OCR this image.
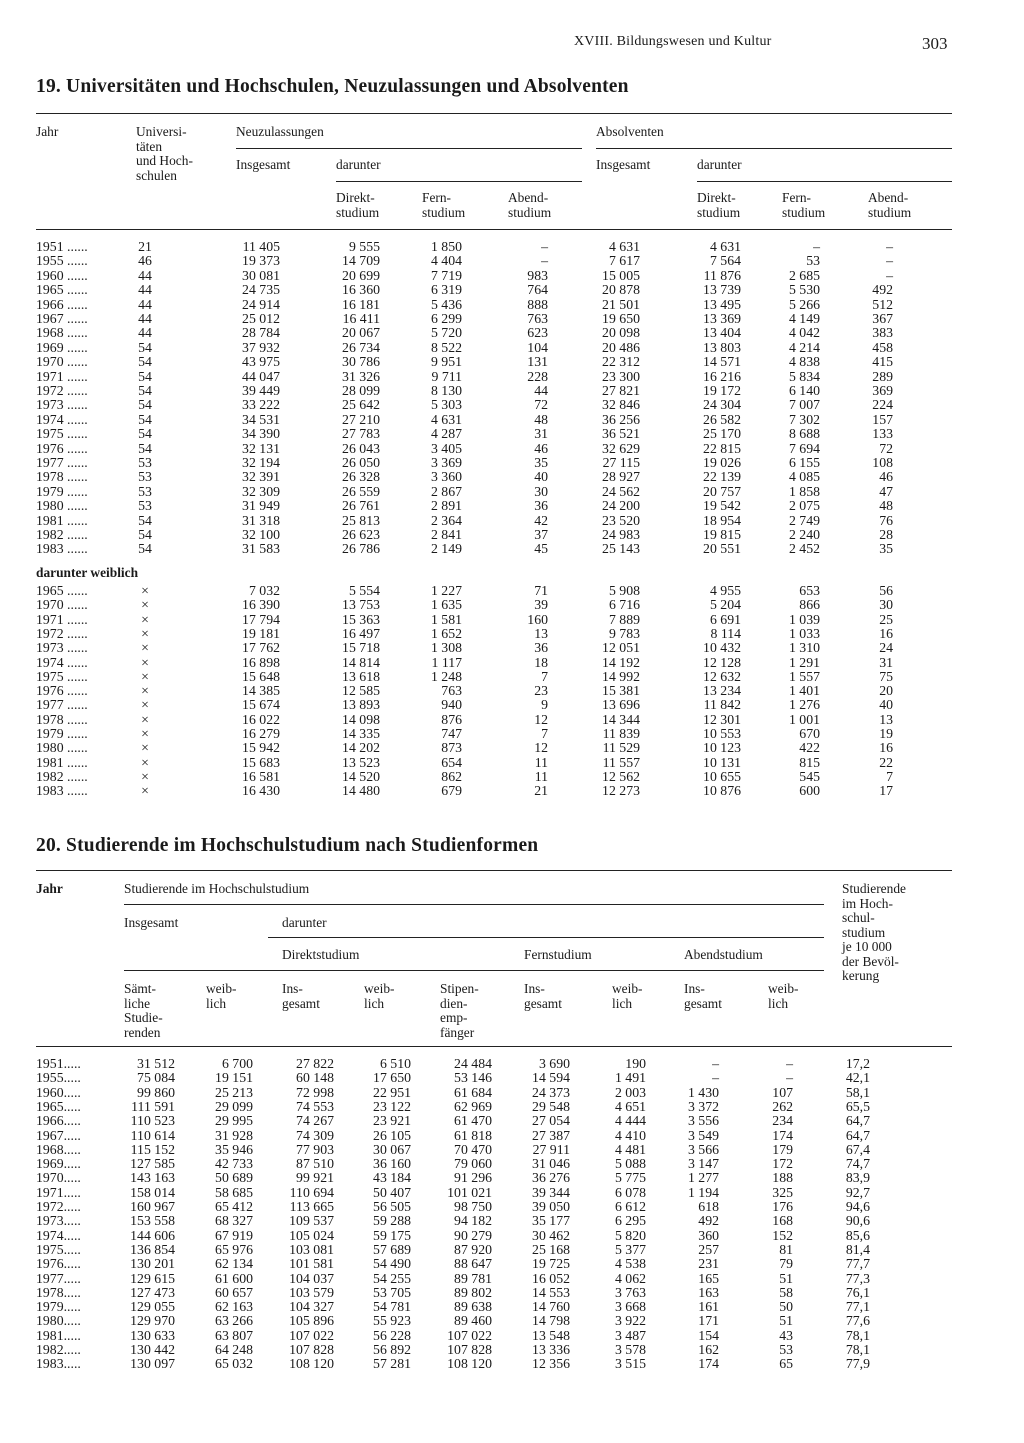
XVIII. Bildungswesen und Kultur	303
19. Universitäten und Hochschulen, Neuzulassungen und Absolventen
Jahr	Universi-
täten
und Hoch-
schulen
Neuzulassungen	Absolventen
Insgesamt	darunter	Insgesamt	darunter
Direkt-
studium
Fern-
studium
Abend-
studium
Direkt-
studium
Fern-
studium
Abend-
studium
1951 ......	21	11 405	9 555	1 850	–	4 631	4 631	–	–
1955 ......	46	19 373	14 709	4 404	–	7 617	7 564	53	–
1960 ......	44	30 081	20 699	7 719	983	15 005	11 876	2 685	–
1965 ......	44	24 735	16 360	6 319	764	20 878	13 739	5 530	492
1966 ......	44	24 914	16 181	5 436	888	21 501	13 495	5 266	512
1967 ......	44	25 012	16 411	6 299	763	19 650	13 369	4 149	367
1968 ......	44	28 784	20 067	5 720	623	20 098	13 404	4 042	383
1969 ......	54	37 932	26 734	8 522	104	20 486	13 803	4 214	458
1970 ......	54	43 975	30 786	9 951	131	22 312	14 571	4 838	415
1971 ......	54	44 047	31 326	9 711	228	23 300	16 216	5 834	289
1972 ......	54	39 449	28 099	8 130	44	27 821	19 172	6 140	369
1973 ......	54	33 222	25 642	5 303	72	32 846	24 304	7 007	224
1974 ......	54	34 531	27 210	4 631	48	36 256	26 582	7 302	157
1975 ......	54	34 390	27 783	4 287	31	36 521	25 170	8 688	133
1976 ......	54	32 131	26 043	3 405	46	32 629	22 815	7 694	72
1977 ......	53	32 194	26 050	3 369	35	27 115	19 026	6 155	108
1978 ......	53	32 391	26 328	3 360	40	28 927	22 139	4 085	46
1979 ......	53	32 309	26 559	2 867	30	24 562	20 757	1 858	47
1980 ......	53	31 949	26 761	2 891	36	24 200	19 542	2 075	48
1981 ......	54	31 318	25 813	2 364	42	23 520	18 954	2 749	76
1982 ......	54	32 100	26 623	2 841	37	24 983	19 815	2 240	28
1983 ......	54	31 583	26 786	2 149	45	25 143	20 551	2 452	35
darunter weiblich
1965 ......	×	7 032	5 554	1 227	71	5 908	4 955	653	56
1970 ......	×	16 390	13 753	1 635	39	6 716	5 204	866	30
1971 ......	×	17 794	15 363	1 581	160	7 889	6 691	1 039	25
1972 ......	×	19 181	16 497	1 652	13	9 783	8 114	1 033	16
1973 ......	×	17 762	15 718	1 308	36	12 051	10 432	1 310	24
1974 ......	×	16 898	14 814	1 117	18	14 192	12 128	1 291	31
1975 ......	×	15 648	13 618	1 248	7	14 992	12 632	1 557	75
1976 ......	×	14 385	12 585	763	23	15 381	13 234	1 401	20
1977 ......	×	15 674	13 893	940	9	13 696	11 842	1 276	40
1978 ......	×	16 022	14 098	876	12	14 344	12 301	1 001	13
1979 ......	×	16 279	14 335	747	7	11 839	10 553	670	19
1980 ......	×	15 942	14 202	873	12	11 529	10 123	422	16
1981 ......	×	15 683	13 523	654	11	11 557	10 131	815	22
1982 ......	×	16 581	14 520	862	11	12 562	10 655	545	7
1983 ......	×	16 430	14 480	679	21	12 273	10 876	600	17
20. Studierende im Hochschulstudium nach Studienformen
Jahr	Studierende im Hochschulstudium	Studierende
im Hoch-
schul-
studium
je 10 000
der Bevöl-
kerung
Insgesamt	darunter
Direktstudium	Fernstudium	Abendstudium
Sämt-
liche
Studie-
renden
weib-
lich
Ins-
gesamt
weib-
lich
Stipen-
dien-
emp-
fänger
Ins-
gesamt
weib-
lich
Ins-
gesamt
weib-
lich
1951.....	31 512	6 700	27 822	6 510	24 484	3 690	190	–	–	17,2
1955.....	75 084	19 151	60 148	17 650	53 146	14 594	1 491	–	–	42,1
1960.....	99 860	25 213	72 998	22 951	61 684	24 373	2 003	1 430	107	58,1
1965.....	111 591	29 099	74 553	23 122	62 969	29 548	4 651	3 372	262	65,5
1966.....	110 523	29 995	74 267	23 921	61 470	27 054	4 444	3 556	234	64,7
1967.....	110 614	31 928	74 309	26 105	61 818	27 387	4 410	3 549	174	64,7
1968.....	115 152	35 946	77 903	30 067	70 470	27 911	4 481	3 566	179	67,4
1969.....	127 585	42 733	87 510	36 160	79 060	31 046	5 088	3 147	172	74,7
1970.....	143 163	50 689	99 921	43 184	91 296	36 276	5 775	1 277	188	83,9
1971.....	158 014	58 685	110 694	50 407	101 021	39 344	6 078	1 194	325	92,7
1972.....	160 967	65 412	113 665	56 505	98 750	39 050	6 612	618	176	94,6
1973.....	153 558	68 327	109 537	59 288	94 182	35 177	6 295	492	168	90,6
1974.....	144 606	67 919	105 024	59 175	90 279	30 462	5 820	360	152	85,6
1975.....	136 854	65 976	103 081	57 689	87 920	25 168	5 377	257	81	81,4
1976.....	130 201	62 134	101 581	54 490	88 647	19 725	4 538	231	79	77,7
1977.....	129 615	61 600	104 037	54 255	89 781	16 052	4 062	165	51	77,3
1978.....	127 473	60 657	103 579	53 705	89 802	14 553	3 763	163	58	76,1
1979.....	129 055	62 163	104 327	54 781	89 638	14 760	3 668	161	50	77,1
1980.....	129 970	63 266	105 896	55 923	89 460	14 798	3 922	171	51	77,6
1981.....	130 633	63 807	107 022	56 228	107 022	13 548	3 487	154	43	78,1
1982.....	130 442	64 248	107 828	56 892	107 828	13 336	3 578	162	53	78,1
1983.....	130 097	65 032	108 120	57 281	108 120	12 356	3 515	174	65	77,9
